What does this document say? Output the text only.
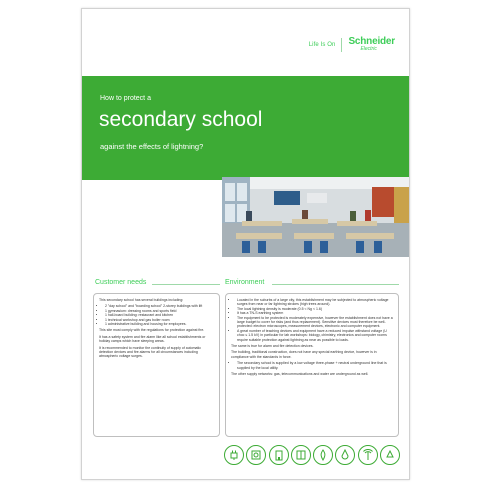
Life Is On Schneider
Electric
How to protect a
secondary school
against the effects of lightning?
Customer needs	Environment

This secondary school has several buildings including:

• 2 "day school" and "boarding school" 2-storey buildings with lift
• 1 gymnasium: dressing rooms and sports field
• 1 hall-board building: restaurant and kitchen
• 1 technical workshop and gas boiler room
• 1 administrative building and housing for employees.

This site must comply with the regulations for protection against fire.

It has a safety system and fire alarm like all school establishments or holiday camps which have sleeping areas.

It is recommended to monitor the continuity of supply of automatic detection devices and fire alarms for all circumstances including atmospheric voltage surges.

• Located in the suburbs of a large city, this establishment may be subjected to atmospheric voltage surges from near or far lightning strokes (high trees around).
• The local lightning density is moderate (0.5 < Ng < 1.6)
• It has a TN-S earthing system
• The equipment to be protected is moderately expensive, however the establishment does not have a large budget to cover for risks (and thus replacement). Sensitive devices must therefore be well-protected: electron microscopes, measurement devices, electronic and computer equipment.
• A great number of teaching devices and equipment have a reduced impulse withstand voltage (U choc ≤ 1.5 kV) in particular for lab workshops: biology, chimistry, electronics and computer rooms require suitable protection against lightning as near as possible to loads.

The same is true for alarm and fire detection devices.

The building, traditional construction, does not have any special earthing device, however is in compliance with the standards in force.

• The secondary school is supplied by a low voltage three-phase + neutral underground line that is supplied by the local utility.

The other supply networks: gas, telecommunications and water are underground as well.
